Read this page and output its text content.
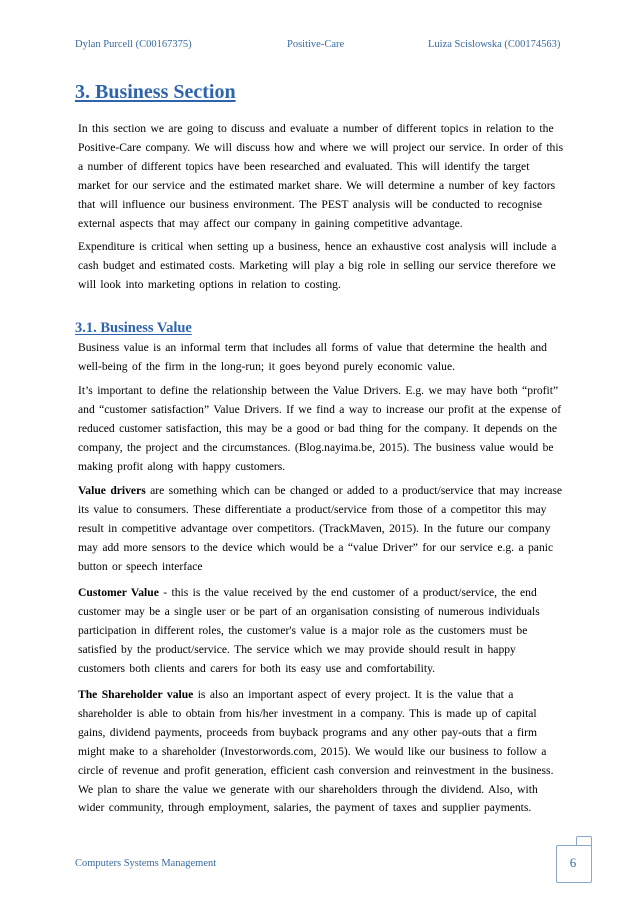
Dylan Purcell (C00167375)	Positive-Care	Luiza Scislowska (C00174563)
3. Business Section

In this section we are going to discuss and evaluate a number of different topics in relation to the Positive-Care company. We will discuss how and where we will project our service. In order of this a number of different topics have been researched and evaluated. This will identify the target market for our service and the estimated market share. We will determine a number of key factors that will influence our business environment. The PEST analysis will be conducted to recognise external aspects that may affect our company in gaining competitive advantage.

Expenditure is critical when setting up a business, hence an exhaustive cost analysis will include a cash budget and estimated costs. Marketing will play a big role in selling our service therefore we will look into marketing options in relation to costing.

3.1. Business Value

Business value is an informal term that includes all forms of value that determine the health and well-being of the firm in the long-run; it goes beyond purely economic value.

It’s important to define the relationship between the Value Drivers. E.g. we may have both “profit” and “customer satisfaction” Value Drivers. If we find a way to increase our profit at the expense of reduced customer satisfaction, this may be a good or bad thing for the company. It depends on the company, the project and the circumstances. (Blog.nayima.be, 2015). The business value would be making profit along with happy customers.

Value drivers are something which can be changed or added to a product/service that may increase its value to consumers. These differentiate a product/service from those of a competitor this may result in competitive advantage over competitors. (TrackMaven, 2015). In the future our company may add more sensors to the device which would be a “value Driver” for our service e.g. a panic button or speech interface

Customer Value - this is the value received by the end customer of a product/service, the end customer may be a single user or be part of an organisation consisting of numerous individuals participation in different roles, the customer's value is a major role as the customers must be satisfied by the product/service. The service which we may provide should result in happy customers both clients and carers for both its easy use and comfortability.

The Shareholder value is also an important aspect of every project. It is the value that a shareholder is able to obtain from his/her investment in a company. This is made up of capital gains, dividend payments, proceeds from buyback programs and any other pay-outs that a firm might make to a shareholder (Investorwords.com, 2015). We would like our business to follow a circle of revenue and profit generation, efficient cash conversion and reinvestment in the business. We plan to share the value we generate with our shareholders through the dividend. Also, with wider community, through employment, salaries, the payment of taxes and supplier payments.

Computers Systems Management	6
